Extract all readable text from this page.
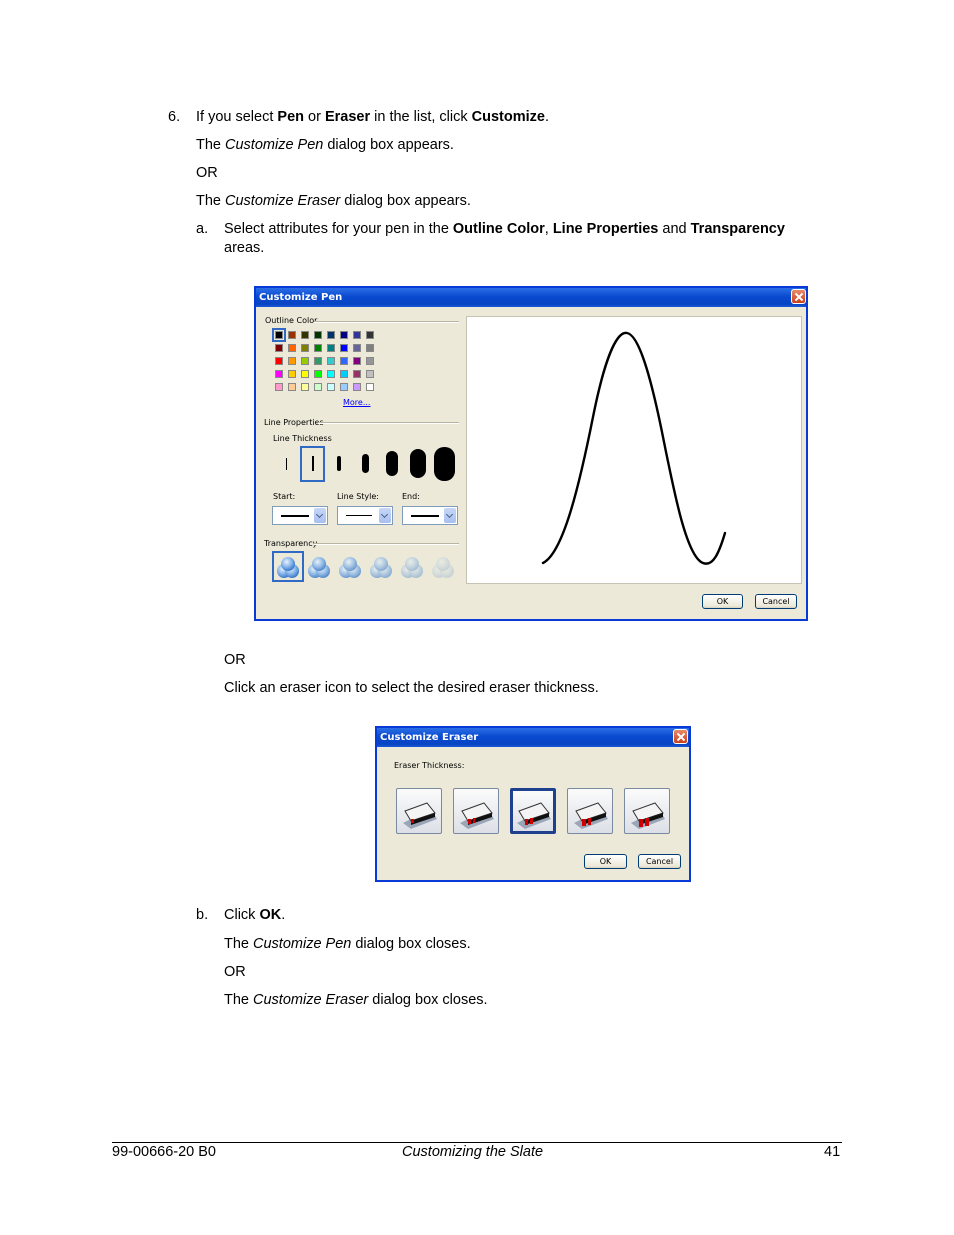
6. If you select Pen or Eraser in the list, click Customize.
The Customize Pen dialog box appears.
OR
The Customize Eraser dialog box appears.
a. Select attributes for your pen in the Outline Color, Line Properties and Transparency
areas.
Customize Pen
Outline Color
More...
Line Properties
Line Thickness
Start:	Line Style:	End:
Transparency
OK	Cancel
OR
Click an eraser icon to select the desired eraser thickness.
Customize Eraser
Eraser Thickness:
OK	Cancel
b. Click OK.
The Customize Pen dialog box closes.
OR
The Customize Eraser dialog box closes.
99-00666-20 B0	Customizing the Slate	41
